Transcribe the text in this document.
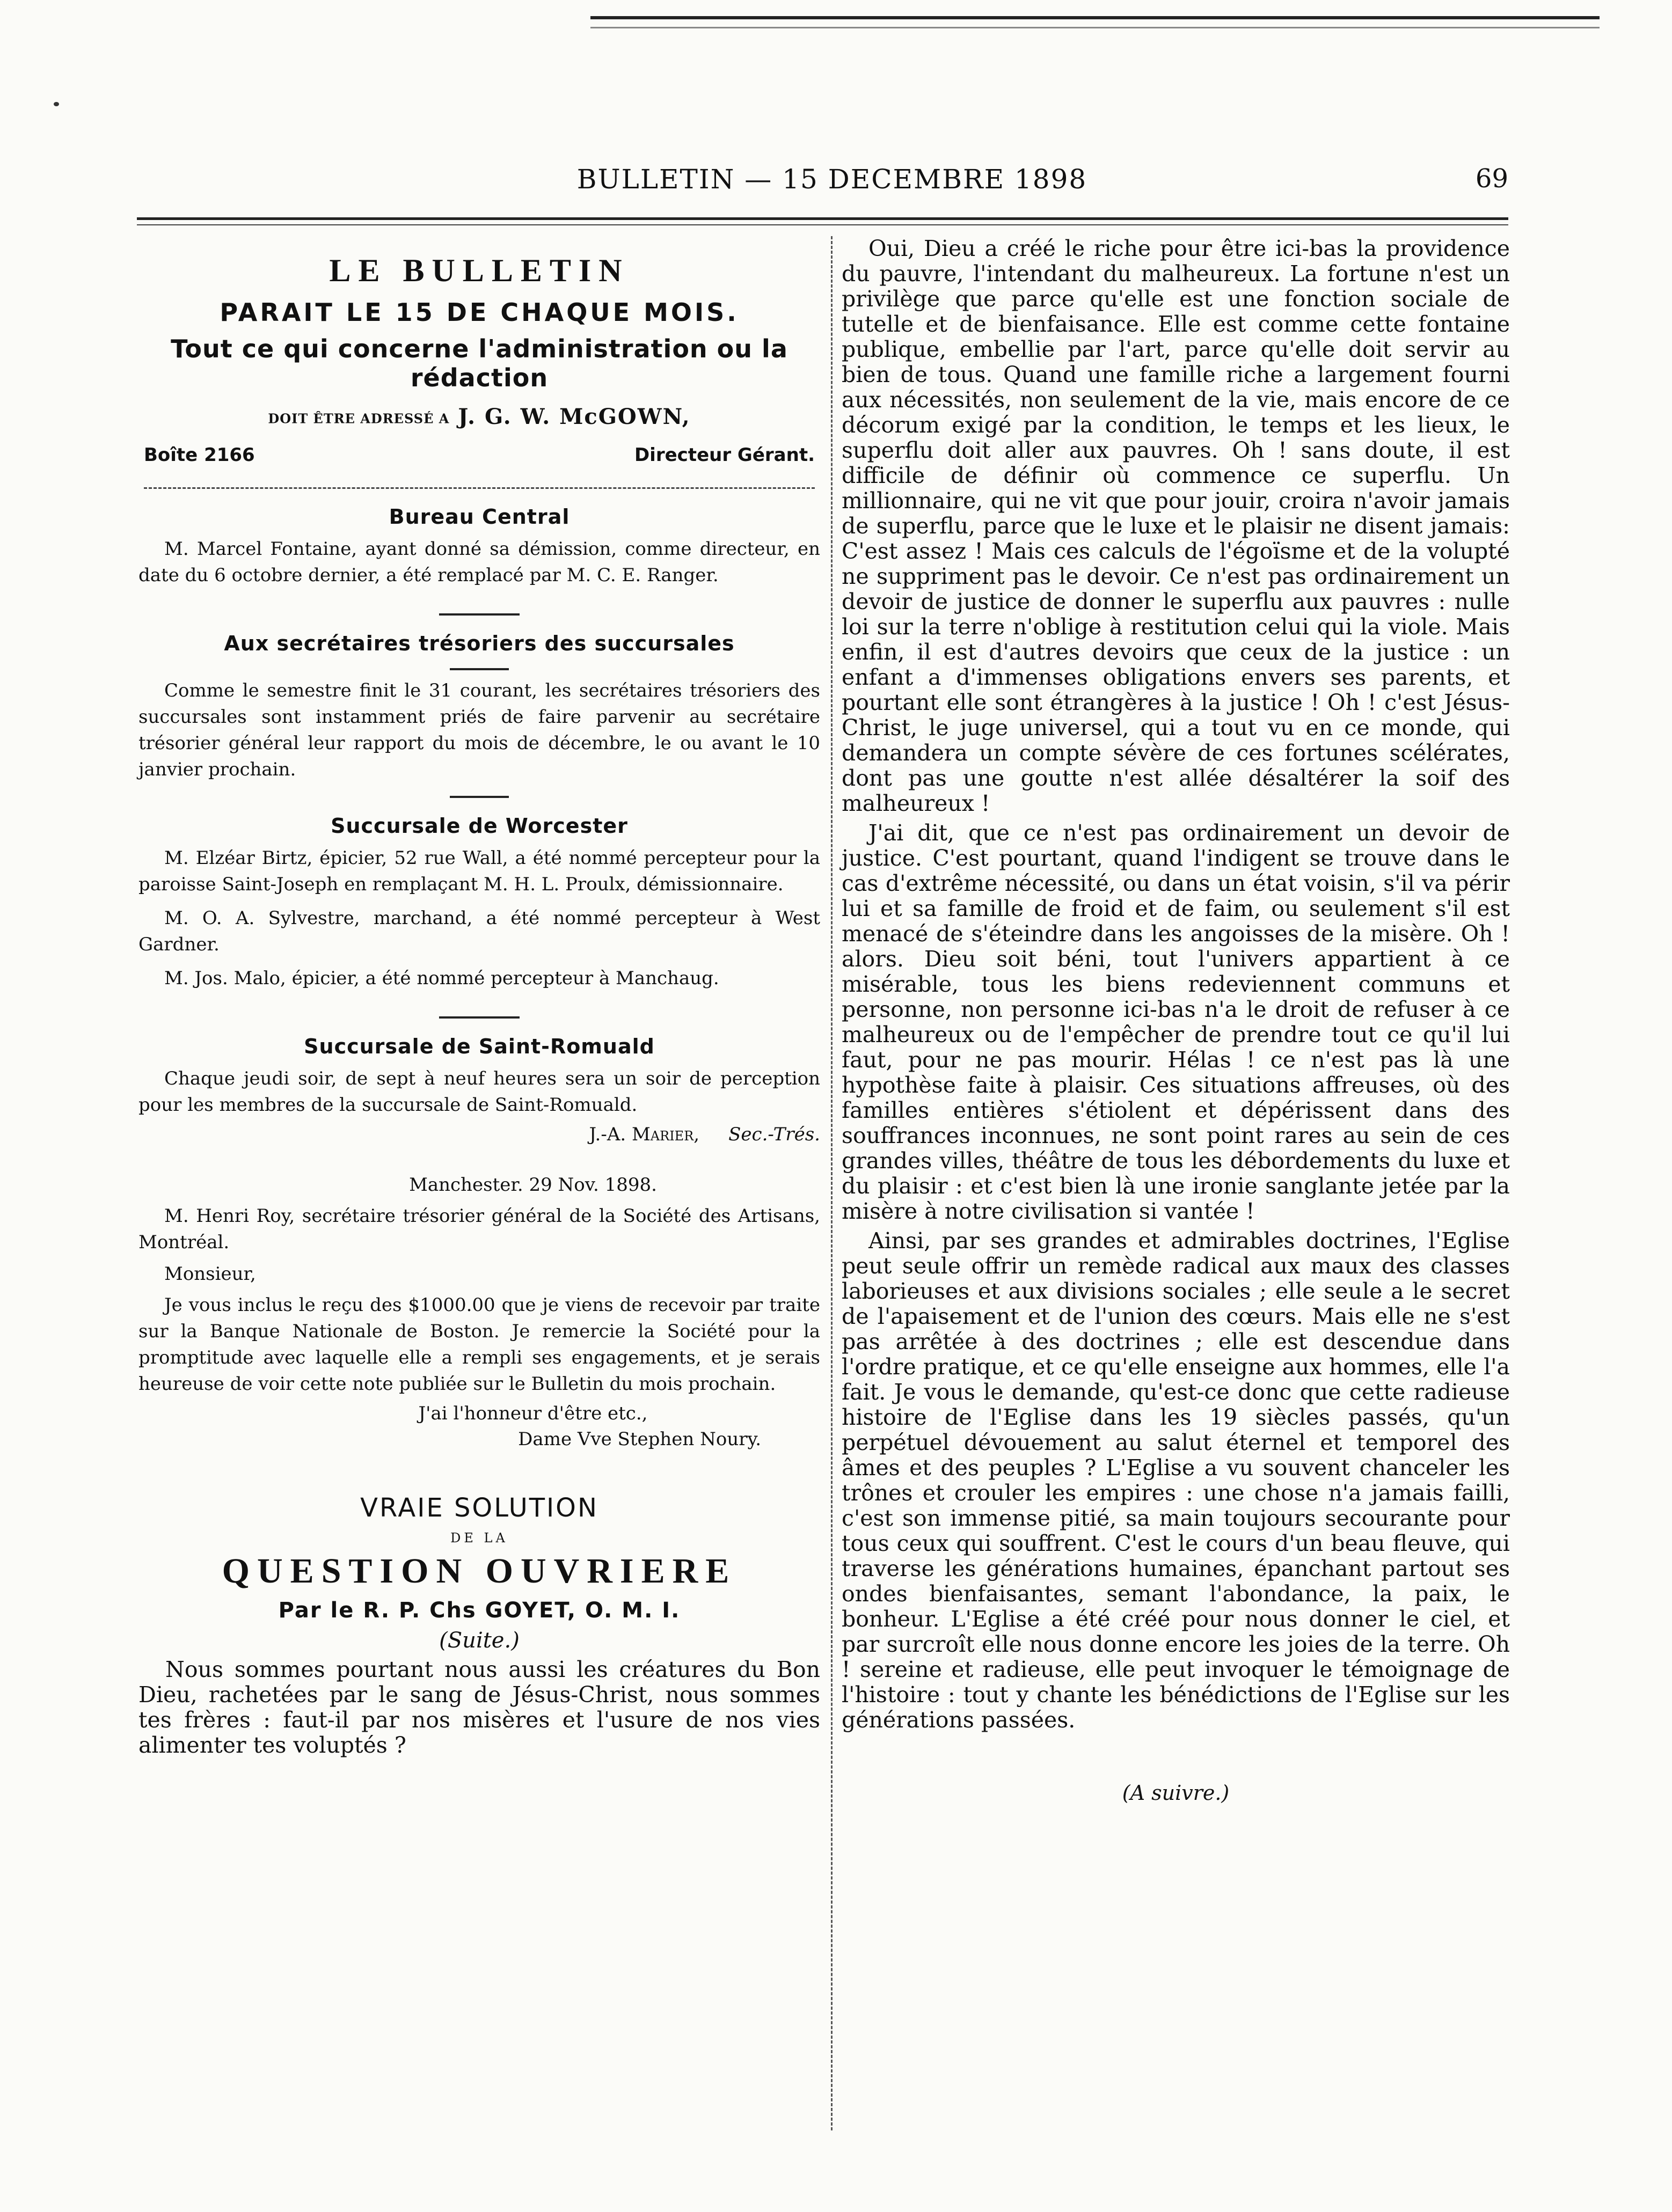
BULLETIN — 15 DECEMBRE 1898	69
LE BULLETIN
PARAIT LE 15 DE CHAQUE MOIS.
Tout ce qui concerne l'administration ou la rédaction
DOIT ÊTRE ADRESSÉ A J. G. W. McGOWN,
Boîte 2166	Directeur Gérant.
Bureau Central

M. Marcel Fontaine, ayant donné sa démission, comme directeur, en date du 6 octobre dernier, a été remplacé par M. C. E. Ranger.

Aux secrétaires trésoriers des succursales

Comme le semestre finit le 31 courant, les secrétaires trésoriers des succursales sont instamment priés de faire parvenir au secrétaire trésorier général leur rapport du mois de décembre, le ou avant le 10 janvier prochain.

Succursale de Worcester

M. Elzéar Birtz, épicier, 52 rue Wall, a été nommé percepteur pour la paroisse Saint-Joseph en remplaçant M. H. L. Proulx, démissionnaire.

M. O. A. Sylvestre, marchand, a été nommé percepteur à West Gardner.

M. Jos. Malo, épicier, a été nommé percepteur à Manchaug.

Succursale de Saint-Romuald

Chaque jeudi soir, de sept à neuf heures sera un soir de perception pour les membres de la succursale de Saint-Romuald.

J.-A. Marier, Sec.-Trés.
Manchester. 29 Nov. 1898.

M. Henri Roy, secrétaire trésorier général de la Société des Artisans, Montréal.

Monsieur,

Je vous inclus le reçu des $1000.00 que je viens de recevoir par traite sur la Banque Nationale de Boston. Je remercie la Société pour la promptitude avec laquelle elle a rempli ses engagements, et je serais heureuse de voir cette note publiée sur le Bulletin du mois prochain.

J'ai l'honneur d'être etc.,
Dame Vve Stephen Noury.
VRAIE SOLUTION
DE LA
QUESTION OUVRIERE
Par le R. P. Chs GOYET, O. M. I.
(Suite.)

Nous sommes pourtant nous aussi les créatures du Bon Dieu, rachetées par le sang de Jésus-Christ, nous sommes tes frères : faut-il par nos misères et l'usure de nos vies alimenter tes voluptés ?

Oui, Dieu a créé le riche pour être ici-bas la providence du pauvre, l'intendant du malheureux. La fortune n'est un privilège que parce qu'elle est une fonction sociale de tutelle et de bienfaisance. Elle est comme cette fontaine publique, embellie par l'art, parce qu'elle doit servir au bien de tous. Quand une famille riche a largement fourni aux nécessités, non seulement de la vie, mais encore de ce décorum exigé par la condition, le temps et les lieux, le superflu doit aller aux pauvres. Oh ! sans doute, il est difficile de définir où commence ce superflu. Un millionnaire, qui ne vit que pour jouir, croira n'avoir jamais de superflu, parce que le luxe et le plaisir ne disent jamais: C'est assez ! Mais ces calculs de l'égoïsme et de la volupté ne suppriment pas le devoir. Ce n'est pas ordinairement un devoir de justice de donner le superflu aux pauvres : nulle loi sur la terre n'oblige à restitution celui qui la viole. Mais enfin, il est d'autres devoirs que ceux de la justice : un enfant a d'immenses obligations envers ses parents, et pourtant elle sont étrangères à la justice ! Oh ! c'est Jésus-Christ, le juge universel, qui a tout vu en ce monde, qui demandera un compte sévère de ces fortunes scélérates, dont pas une goutte n'est allée désaltérer la soif des malheureux !

J'ai dit, que ce n'est pas ordinairement un devoir de justice. C'est pourtant, quand l'indigent se trouve dans le cas d'extrême nécessité, ou dans un état voisin, s'il va périr lui et sa famille de froid et de faim, ou seulement s'il est menacé de s'éteindre dans les angoisses de la misère. Oh ! alors. Dieu soit béni, tout l'univers appartient à ce misérable, tous les biens redeviennent communs et personne, non personne ici-bas n'a le droit de refuser à ce malheureux ou de l'empêcher de prendre tout ce qu'il lui faut, pour ne pas mourir. Hélas ! ce n'est pas là une hypothèse faite à plaisir. Ces situations affreuses, où des familles entières s'étiolent et dépérissent dans des souffrances inconnues, ne sont point rares au sein de ces grandes villes, théâtre de tous les débordements du luxe et du plaisir : et c'est bien là une ironie sanglante jetée par la misère à notre civilisation si vantée !

Ainsi, par ses grandes et admirables doctrines, l'Eglise peut seule offrir un remède radical aux maux des classes laborieuses et aux divisions sociales ; elle seule a le secret de l'apaisement et de l'union des cœurs. Mais elle ne s'est pas arrêtée à des doctrines ; elle est descendue dans l'ordre pratique, et ce qu'elle enseigne aux hommes, elle l'a fait. Je vous le demande, qu'est-ce donc que cette radieuse histoire de l'Eglise dans les 19 siècles passés, qu'un perpétuel dévouement au salut éternel et temporel des âmes et des peuples ? L'Eglise a vu souvent chanceler les trônes et crouler les empires : une chose n'a jamais failli, c'est son immense pitié, sa main toujours secourante pour tous ceux qui souffrent. C'est le cours d'un beau fleuve, qui traverse les générations humaines, épanchant partout ses ondes bienfaisantes, semant l'abondance, la paix, le bonheur. L'Eglise a été créé pour nous donner le ciel, et par surcroît elle nous donne encore les joies de la terre. Oh ! sereine et radieuse, elle peut invoquer le témoignage de l'histoire : tout y chante les bénédictions de l'Eglise sur les générations passées.

(A suivre.)
